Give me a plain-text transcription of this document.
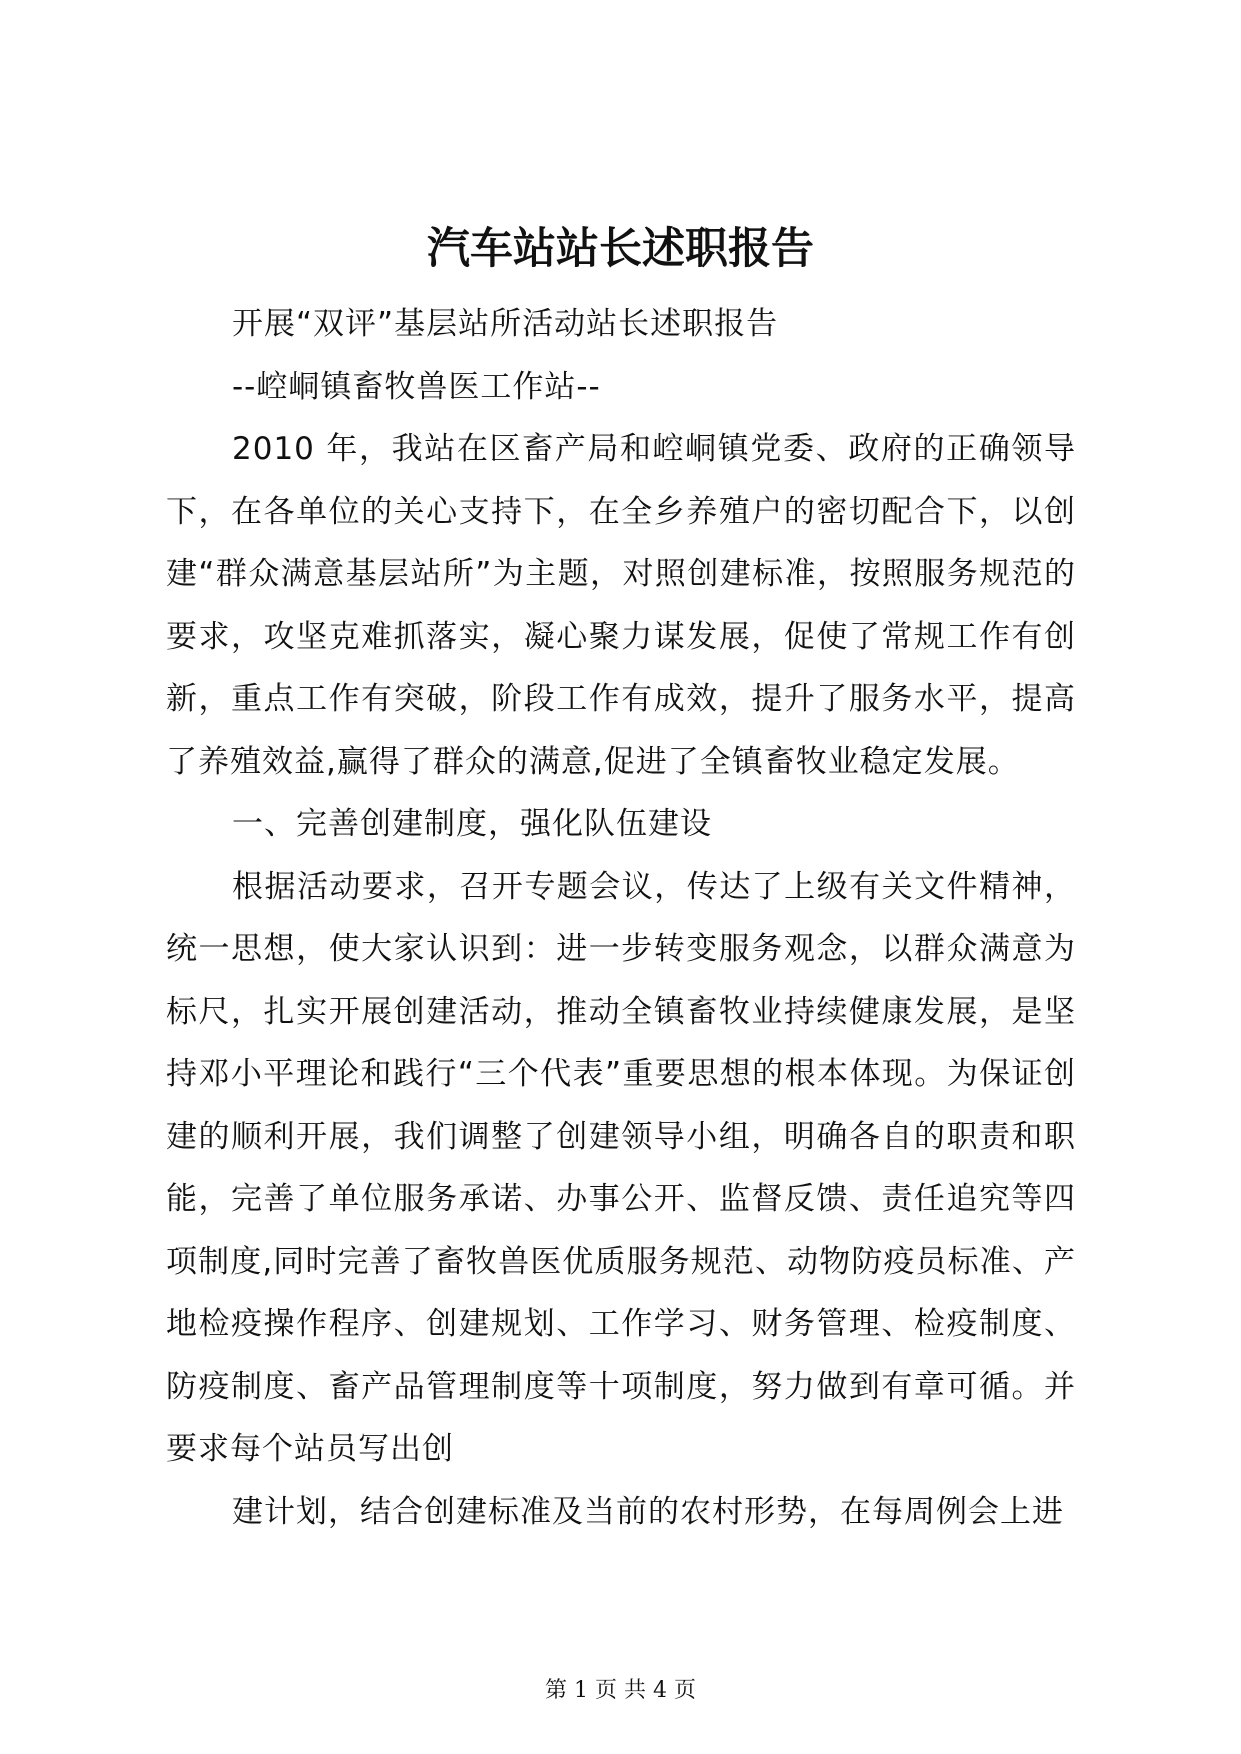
汽车站站长述职报告

开展“双评”基层站所活动站长述职报告

--崆峒镇畜牧兽医工作站--

2010 年，我站在区畜产局和崆峒镇党委、政府的正确领导下，在各单位的关心支持下，在全乡养殖户的密切配合下，以创建“群众满意基层站所”为主题，对照创建标准，按照服务规范的要求，攻坚克难抓落实，凝心聚力谋发展，促使了常规工作有创新，重点工作有突破，阶段工作有成效，提升了服务水平，提高了养殖效益,赢得了群众的满意,促进了全镇畜牧业稳定发展。

一、完善创建制度，强化队伍建设

根据活动要求，召开专题会议，传达了上级有关文件精神，统一思想，使大家认识到：进一步转变服务观念，以群众满意为标尺，扎实开展创建活动，推动全镇畜牧业持续健康发展，是坚持邓小平理论和践行“三个代表”重要思想的根本体现。为保证创建的顺利开展，我们调整了创建领导小组，明确各自的职责和职能，完善了单位服务承诺、办事公开、监督反馈、责任追究等四项制度,同时完善了畜牧兽医优质服务规范、动物防疫员标准、产地检疫操作程序、创建规划、工作学习、财务管理、检疫制度、防疫制度、畜产品管理制度等十项制度，努力做到有章可循。并要求每个站员写出创

建计划，结合创建标准及当前的农村形势，在每周例会上进

第 1 页 共 4 页
